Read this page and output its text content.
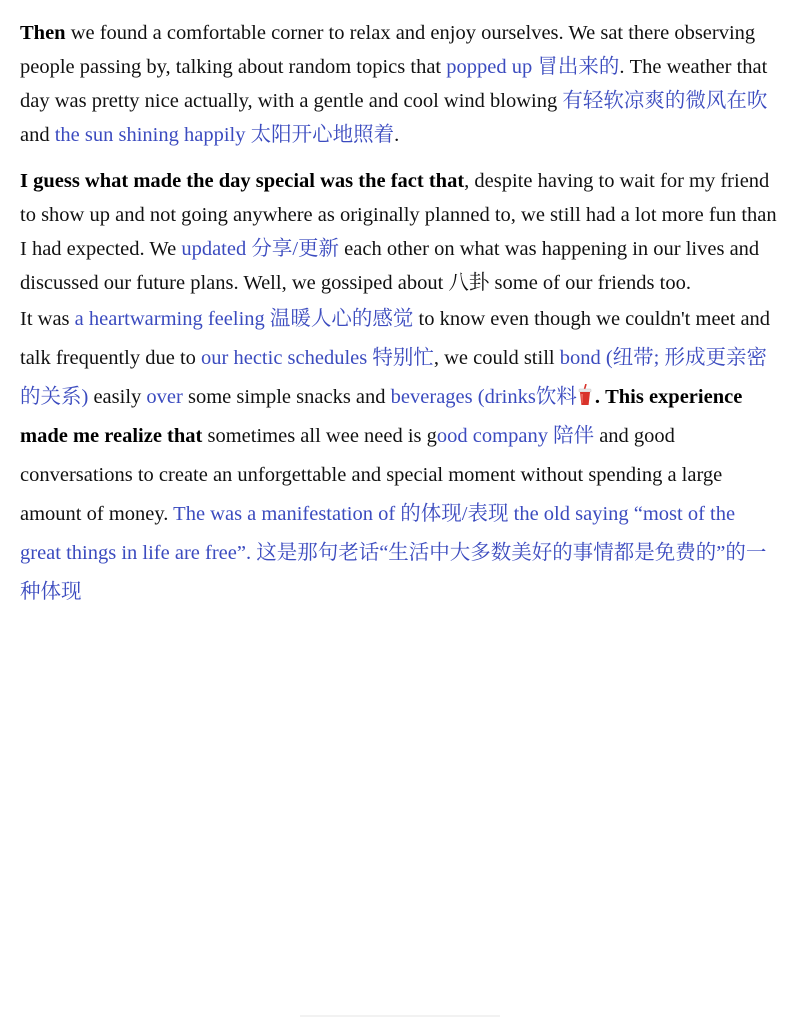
Then we found a comfortable corner to relax and enjoy ourselves. We sat there observing people passing by, talking about random topics that popped up 冒出来的. The weather that day was pretty nice actually, with a gentle and cool wind blowing 有轻软凉爽的微风在吹 and the sun shining happily 太阳开心地照着.

I guess what made the day special was the fact that, despite having to wait for my friend to show up and not going anywhere as originally planned to, we still had a lot more fun than I had expected. We updated 分享/更新 each other on what was happening in our lives and discussed our future plans. Well, we gossiped about 八卦 some of our friends too.

It was a heartwarming feeling 温暖人心的感觉 to know even though we couldn't meet and talk frequently due to our hectic schedules 特别忙, we could still bond (纽带; 形成更亲密的关系) easily over some simple snacks and beverages (drinks饮料 . This experience made me realize that sometimes all wee need is good company 陪伴 and good conversations to create an unforgettable and special moment without spending a large amount of money. The was a manifestation of 的体现/表现 the old saying “most of the great things in life are free”. 这是那句老话“生活中大多数美好的事情都是免费的”的一种体现
